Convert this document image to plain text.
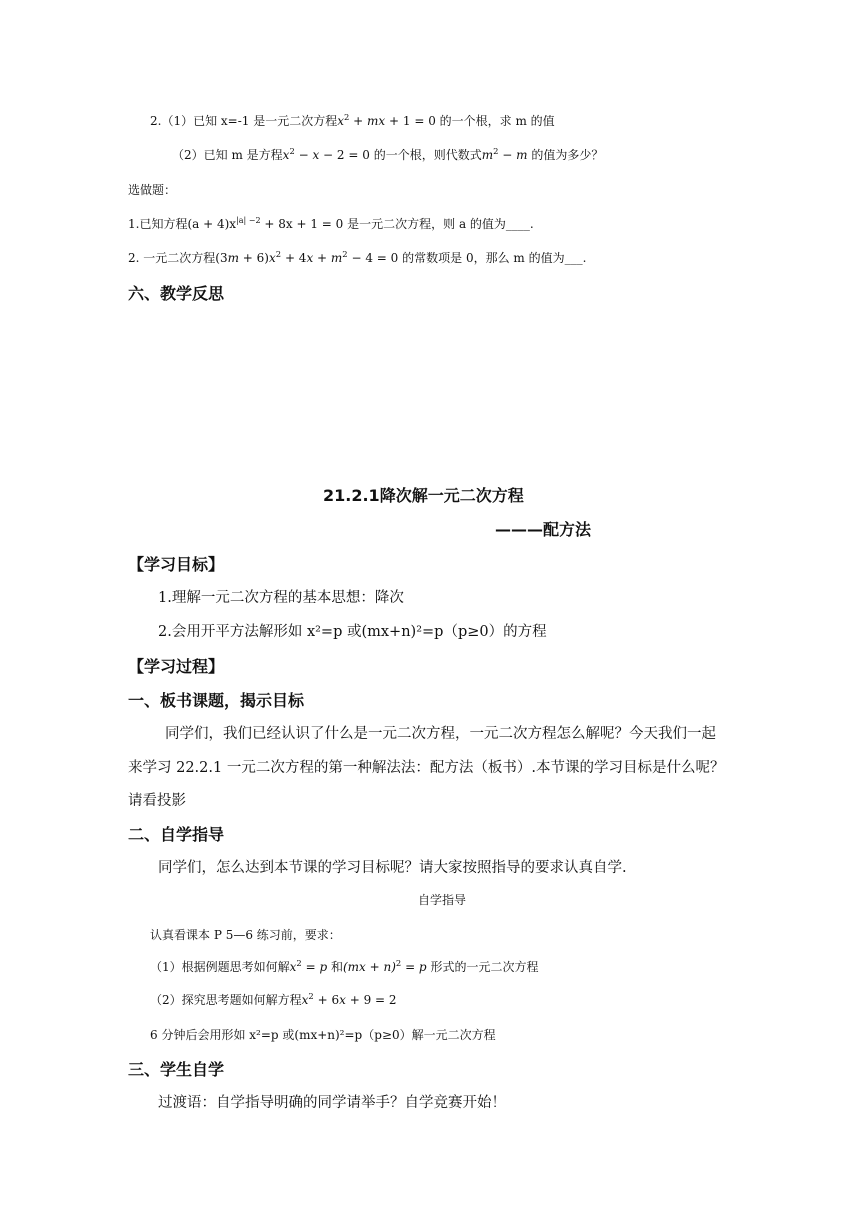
2.（1）已知 x=-1 是一元二次方程$x^2$ + mx + 1 = 0 的一个根，求 m 的值
（2）已知 m 是方程$x^2 - x - 2 = 0$ 的一个根，则代数式$m^2 - m$ 的值为多少？
选做题：
1.已知方程$(a + 4)x^{|a| -2} + 8x + 1 = 0$ 是一元二次方程，则 a 的值为____.
2. 一元二次方程$(3m + 6)x^2 + 4x + m^2 - 4 = 0$ 的常数项是 0，那么 m 的值为___.
六、教学反思
21.2.1降次解一元二次方程
———配方法
【学习目标】
1.理解一元二次方程的基本思想：降次
2.会用开平方法解形如 x²=p 或(mx+n)²=p（p≥0）的方程
【学习过程】
一、板书课题，揭示目标
同学们，我们已经认识了什么是一元二次方程，一元二次方程怎么解呢？今天我们一起
来学习 22.2.1 一元二次方程的第一种解法法：配方法（板书）.本节课的学习目标是什么呢？
请看投影
二、自学指导
同学们，怎么达到本节课的学习目标呢？请大家按照指导的要求认真自学.
自学指导
认真看课本 P 5—6 练习前，要求：
（1）根据例题思考如何解$x^2 = p$ 和(mx + n)$^2$ = p 形式的一元二次方程
（2）探究思考题如何解方程$x^2 + 6x + 9 = 2$
6 分钟后会用形如 x²=p 或(mx+n)²=p（p≥0）解一元二次方程
三、学生自学
过渡语：自学指导明确的同学请举手？自学竞赛开始！
